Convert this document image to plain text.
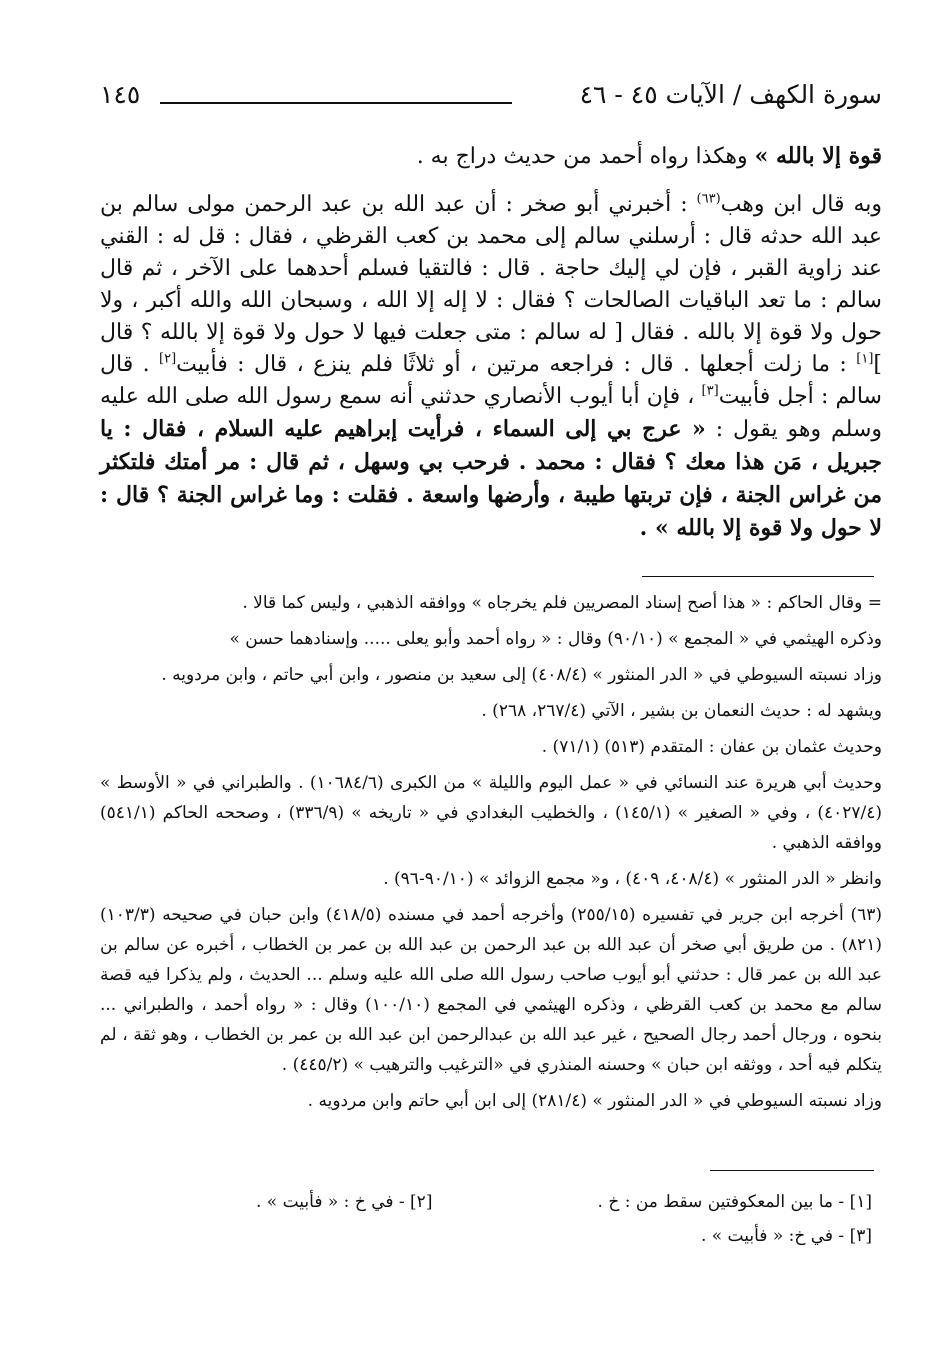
سورة الكهف / الآيات ٤٥ - ٤٦
١٤٥

قوة إلا بالله » وهكذا رواه أحمد من حديث دراج به .

وبه قال ابن وهب$^{(٦٣)}$ : أخبرني أبو صخر : أن عبد الله بن عبد الرحمن مولى سالم بن عبد الله حدثه قال : أرسلني سالم إلى محمد بن كعب القرظي ، فقال : قل له : القني عند زاوية القبر ، فإن لي إليك حاجة . قال : فالتقيا فسلم أحدهما على الآخر ، ثم قال سالم : ما تعد الباقيات الصالحات ؟ فقال : لا إله إلا الله ، وسبحان الله والله أكبر ، ولا حول ولا قوة إلا بالله . فقال [ له سالم : متى جعلت فيها لا حول ولا قوة إلا بالله ؟ قال ][١] : ما زلت أجعلها . قال : فراجعه مرتين ، أو ثلاثًا فلم ينزع ، قال : فأبيت[٢] . قال سالم : أجل فأبيت[٣] ، فإن أبا أيوب الأنصاري حدثني أنه سمع رسول الله صلى الله عليه وسلم وهو يقول : « عرج بي إلى السماء ، فرأيت إبراهيم عليه السلام ، فقال : يا جبريل ، مَن هذا معك ؟ فقال : محمد . فرحب بي وسهل ، ثم قال : مر أمتك فلتكثر من غراس الجنة ، فإن تربتها طيبة ، وأرضها واسعة . فقلت : وما غراس الجنة ؟ قال : لا حول ولا قوة إلا بالله » .

= وقال الحاكم : « هذا أصح إسناد المصريين فلم يخرجاه » ووافقه الذهبي ، وليس كما قالا .

وذكره الهيثمي في « المجمع » (٩٠/١٠) وقال : « رواه أحمد وأبو يعلى ..... وإسنادهما حسن »

وزاد نسبته السيوطي في « الدر المنثور » (٤٠٨/٤) إلى سعيد بن منصور ، وابن أبي حاتم ، وابن مردويه .

ويشهد له : حديث النعمان بن بشير ، الآتي (٢٦٧/٤، ٢٦٨) .

وحديث عثمان بن عفان : المتقدم (٥١٣) (٧١/١) .

وحديث أبي هريرة عند النسائي في « عمل اليوم والليلة » من الكبرى (١٠٦٨٤/٦) . والطبراني في « الأوسط » (٤٠٢٧/٤) ، وفي « الصغير » (١٤٥/١) ، والخطيب البغدادي في « تاريخه » (٣٣٦/٩) ، وصححه الحاكم (٥٤١/١) ووافقه الذهبي .

وانظر « الدر المنثور » (٤٠٨/٤، ٤٠٩) ، و« مجمع الزوائد » (٩٠/١٠-٩٦) .

(٦٣) أخرجه ابن جرير في تفسيره (٢٥٥/١٥) وأخرجه أحمد في مسنده (٤١٨/٥) وابن حبان في صحيحه (١٠٣/٣) (٨٢١) . من طريق أبي صخر أن عبد الله بن عبد الرحمن بن عبد الله بن عمر بن الخطاب ، أخبره عن سالم بن عبد الله بن عمر قال : حدثني أبو أيوب صاحب رسول الله صلى الله عليه وسلم ... الحديث ، ولم يذكرا فيه قصة سالم مع محمد بن كعب القرظي ، وذكره الهيثمي في المجمع (١٠٠/١٠) وقال : « رواه أحمد ، والطبراني ... بنحوه ، ورجال أحمد رجال الصحيح ، غير عبد الله بن عبدالرحمن ابن عبد الله بن عمر بن الخطاب ، وهو ثقة ، لم يتكلم فيه أحد ، ووثقه ابن حبان » وحسنه المنذري في «الترغيب والترهيب » (٤٤٥/٢) .

وزاد نسبته السيوطي في « الدر المنثور » (٢٨١/٤) إلى ابن أبي حاتم وابن مردويه .

[١] - ما بين المعكوفتين سقط من : خ .
[٢] - في خ : « فأبيت » .
[٣] - في خ: « فأبيت » .
